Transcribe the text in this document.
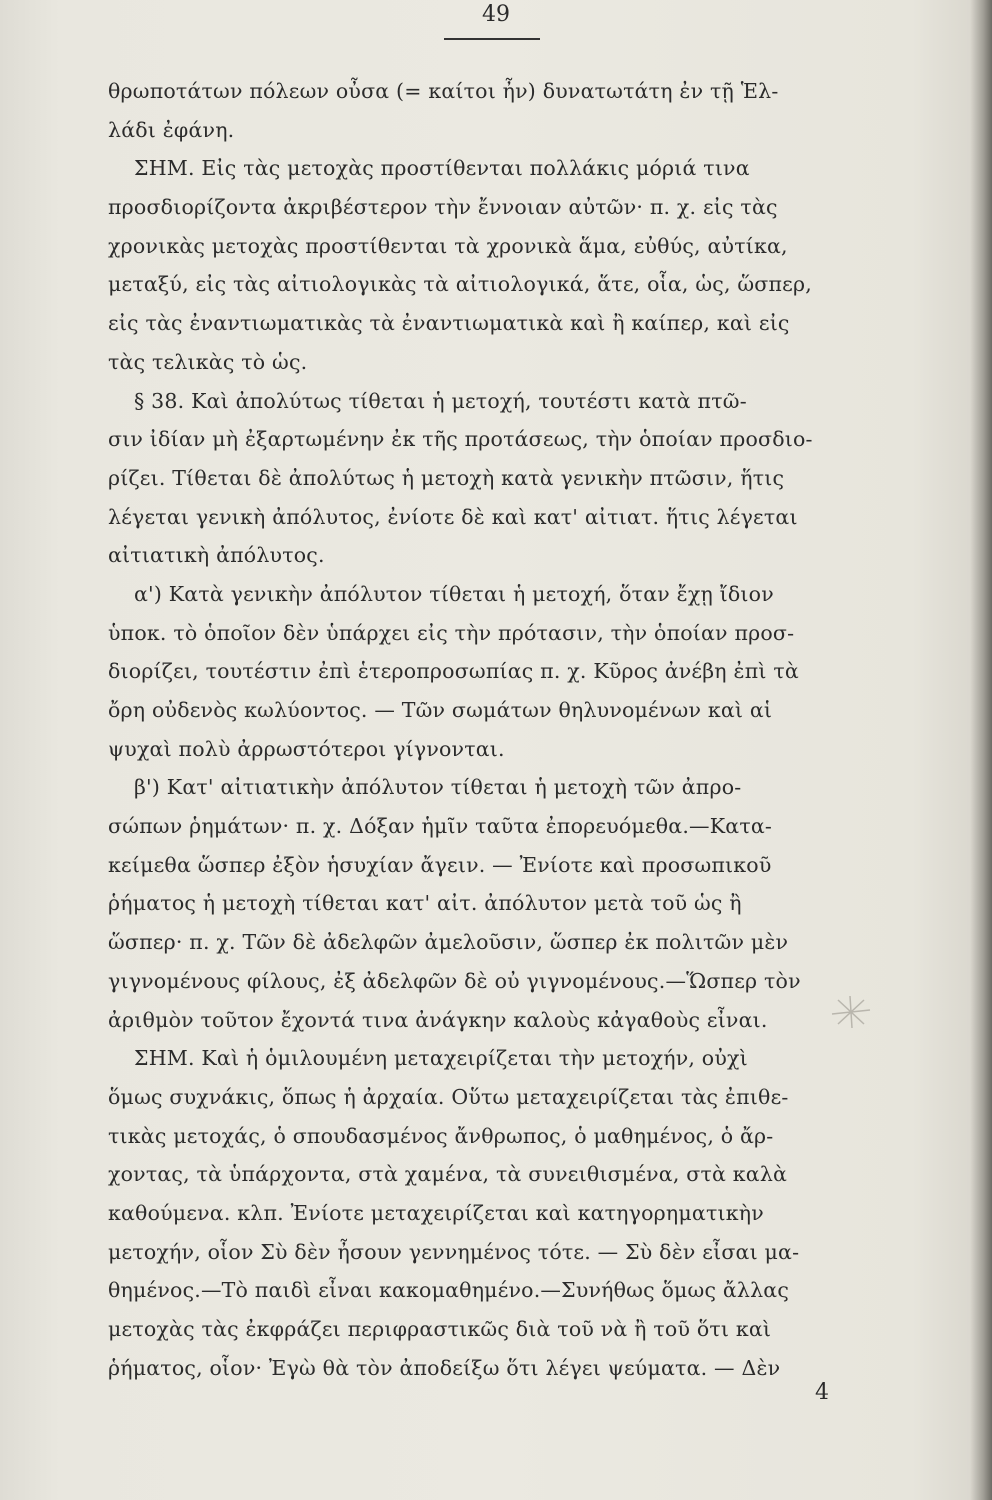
49
θρωποτάτων πόλεων οὖσα (= καίτοι ἦν) δυνατωτάτη ἐν τῇ Ἑλ-
λάδι ἐφάνη.
ΣΗΜ. Εἰς τὰς μετοχὰς προστίθενται πολλάκις μόριά τινα
προσδιορίζοντα ἀκριβέστερον τὴν ἔννοιαν αὐτῶν· π. χ. εἰς τὰς
χρονικὰς μετοχὰς προστίθενται τὰ χρονικὰ ἅμα, εὐθύς, αὐτίκα,
μεταξύ, εἰς τὰς αἰτιολογικὰς τὰ αἰτιολογικά, ἅτε, οἷα, ὡς, ὥσπερ,
εἰς τὰς ἐναντιωματικὰς τὰ ἐναντιωματικὰ καὶ ἢ καίπερ, καὶ εἰς
τὰς τελικὰς τὸ ὡς.
§ 38. Καὶ ἀπολύτως τίθεται ἡ μετοχή, τουτέστι κατὰ πτῶ-
σιν ἰδίαν μὴ ἐξαρτωμένην ἐκ τῆς προτάσεως, τὴν ὁποίαν προσδιο-
ρίζει. Τίθεται δὲ ἀπολύτως ἡ μετοχὴ κατὰ γενικὴν πτῶσιν, ἥτις
λέγεται γενικὴ ἀπόλυτος, ἐνίοτε δὲ καὶ κατ' αἰτιατ. ἥτις λέγεται
αἰτιατικὴ ἀπόλυτος.
α') Κατὰ γενικὴν ἀπόλυτον τίθεται ἡ μετοχή, ὅταν ἔχῃ ἴδιον
ὑποκ. τὸ ὁποῖον δὲν ὑπάρχει εἰς τὴν πρότασιν, τὴν ὁποίαν προσ-
διορίζει, τουτέστιν ἐπὶ ἑτεροπροσωπίας π. χ. Κῦρος ἀνέβη ἐπὶ τὰ
ὄρη οὐδενὸς κωλύοντος. — Τῶν σωμάτων θηλυνομένων καὶ αἱ
ψυχαὶ πολὺ ἀρρωστότεροι γίγνονται.
β') Κατ' αἰτιατικὴν ἀπόλυτον τίθεται ἡ μετοχὴ τῶν ἀπρο-
σώπων ῥημάτων· π. χ. Δόξαν ἡμῖν ταῦτα ἐπορευόμεθα.—Κατα-
κείμεθα ὥσπερ ἐξὸν ἡσυχίαν ἄγειν. — Ἐνίοτε καὶ προσωπικοῦ
ῥήματος ἡ μετοχὴ τίθεται κατ' αἰτ. ἀπόλυτον μετὰ τοῦ ὡς ἢ
ὥσπερ· π. χ. Τῶν δὲ ἀδελφῶν ἀμελοῦσιν, ὥσπερ ἐκ πολιτῶν μὲν
γιγνομένους φίλους, ἐξ ἀδελφῶν δὲ οὐ γιγνομένους.—Ὥσπερ τὸν
ἀριθμὸν τοῦτον ἔχοντά τινα ἀνάγκην καλοὺς κἀγαθοὺς εἶναι.
ΣΗΜ. Καὶ ἡ ὁμιλουμένη μεταχειρίζεται τὴν μετοχήν, οὐχὶ
ὅμως συχνάκις, ὅπως ἡ ἀρχαία. Οὕτω μεταχειρίζεται τὰς ἐπιθε-
τικὰς μετοχάς, ὁ σπουδασμένος ἄνθρωπος, ὁ μαθημένος, ὁ ἄρ-
χοντας, τὰ ὑπάρχοντα, στὰ χαμένα, τὰ συνειθισμένα, στὰ καλὰ
καθούμενα. κλπ. Ἐνίοτε μεταχειρίζεται καὶ κατηγορηματικὴν
μετοχήν, οἷον Σὺ δὲν ἦσουν γεννημένος τότε. — Σὺ δὲν εἶσαι μα-
θημένος.—Τὸ παιδὶ εἶναι κακομαθημένο.—Συνήθως ὅμως ἄλλας
μετοχὰς τὰς ἐκφράζει περιφραστικῶς διὰ τοῦ νὰ ἢ τοῦ ὅτι καὶ
ῥήματος, οἷον· Ἐγὼ θὰ τὸν ἀποδείξω ὅτι λέγει ψεύματα. — Δὲν
4
